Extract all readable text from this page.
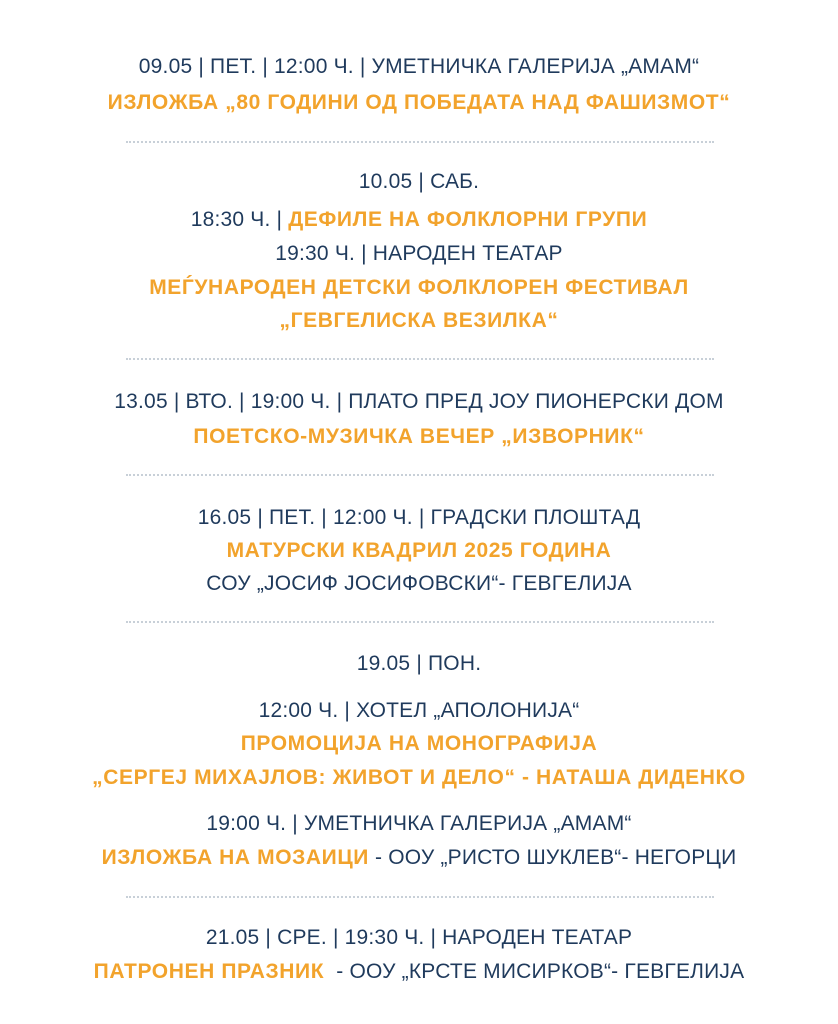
09.05 | ПЕТ. | 12:00 Ч. | УМЕТНИЧКА ГАЛЕРИЈА „АМАМ“
ИЗЛОЖБА „80 ГОДИНИ ОД ПОБЕДАТА НАД ФАШИЗМОТ“
10.05 | САБ.
18:30 Ч. | ДЕФИЛЕ НА ФОЛКЛОРНИ ГРУПИ
19:30 Ч. | НАРОДЕН ТЕАТАР
МЕЃУНАРОДЕН ДЕТСКИ ФОЛКЛОРЕН ФЕСТИВАЛ
„ГЕВГЕЛИСКА ВЕЗИЛКА“
13.05 | ВТО. | 19:00 Ч. | ПЛАТО ПРЕД ЈОУ ПИОНЕРСКИ ДОМ
ПОЕТСКО-МУЗИЧКА ВЕЧЕР „ИЗВОРНИК“
16.05 | ПЕТ. | 12:00 Ч. | ГРАДСКИ ПЛОШТАД
МАТУРСКИ КВАДРИЛ 2025 ГОДИНА
СОУ „ЈОСИФ ЈОСИФОВСКИ“- ГЕВГЕЛИЈА
19.05 | ПОН.
12:00 Ч. | ХОТЕЛ „АПОЛОНИЈА“
ПРОМОЦИЈА НА МОНОГРАФИЈА
„СЕРГЕЈ МИХАЈЛОВ: ЖИВОТ И ДЕЛО“ - НАТАША ДИДЕНКО
19:00 Ч. | УМЕТНИЧКА ГАЛЕРИЈА „АМАМ“
ИЗЛОЖБА НА МОЗАИЦИ - ООУ „РИСТО ШУКЛЕВ“- НЕГОРЦИ
21.05 | СРЕ. | 19:30 Ч. | НАРОДЕН ТЕАТАР
ПАТРОНЕН ПРАЗНИК  - ООУ „КРСТЕ МИСИРКОВ“- ГЕВГЕЛИЈА
